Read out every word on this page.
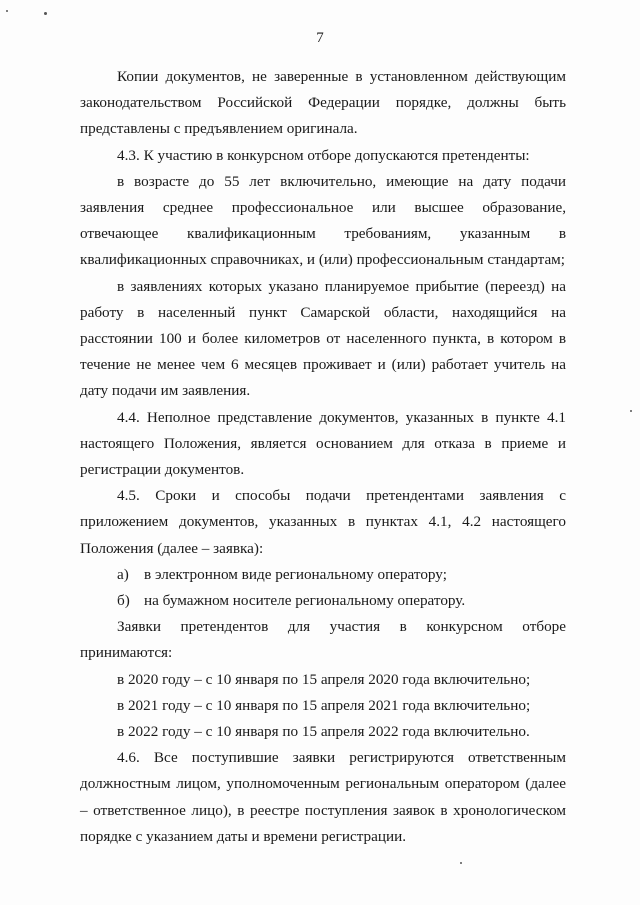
7

Копии документов, не заверенные в установленном действующим законодательством Российской Федерации порядке, должны быть представлены с предъявлением оригинала.

4.3. К участию в конкурсном отборе допускаются претенденты:

в возрасте до 55 лет включительно, имеющие на дату подачи заявления среднее профессиональное или высшее образование, отвечающее квалификационным требованиям, указанным в квалификационных справочниках, и (или) профессиональным стандартам;

в заявлениях которых указано планируемое прибытие (переезд) на работу в населенный пункт Самарской области, находящийся на расстоянии 100 и более километров от населенного пункта, в котором в течение не менее чем 6 месяцев проживает и (или) работает учитель на дату подачи им заявления.

4.4. Неполное представление документов, указанных в пункте 4.1 настоящего Положения, является основанием для отказа в приеме и регистрации документов.

4.5. Сроки и способы подачи претендентами заявления с приложением документов, указанных в пунктах 4.1, 4.2 настоящего Положения (далее – заявка):

а) в электронном виде региональному оператору;
б) на бумажном носителе региональному оператору.

Заявки претендентов для участия в конкурсном отборе принимаются:

в 2020 году – с 10 января по 15 апреля 2020 года включительно;

в 2021 году – с 10 января по 15 апреля 2021 года включительно;

в 2022 году – с 10 января по 15 апреля 2022 года включительно.

4.6. Все поступившие заявки регистрируются ответственным должностным лицом, уполномоченным региональным оператором (далее – ответственное лицо), в реестре поступления заявок в хронологическом порядке с указанием даты и времени регистрации.
